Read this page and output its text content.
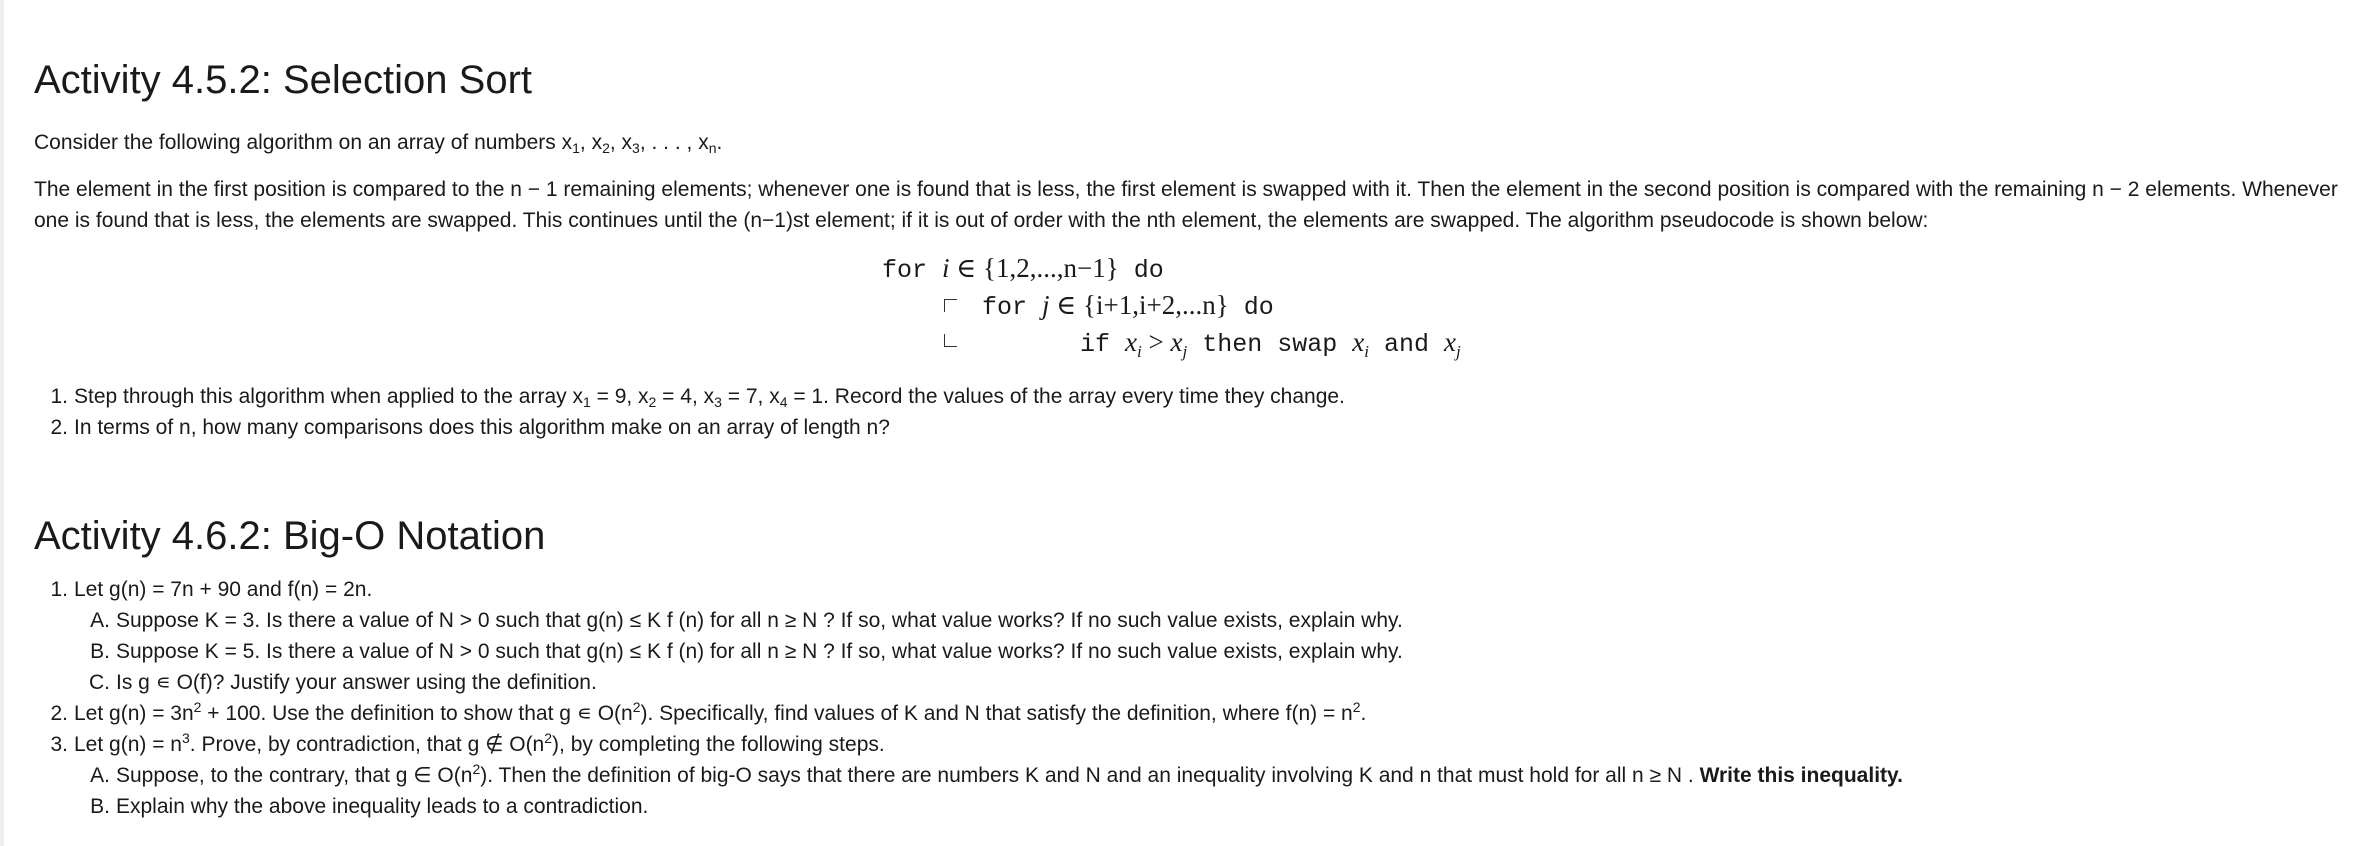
Activity 4.5.2: Selection Sort

Consider the following algorithm on an array of numbers $x_1$, $x_2$, $x_3$, . . . , $x_n$.

The element in the first position is compared to the n − 1 remaining elements; whenever one is found that is less, the first element is swapped with it. Then the element in the second position is compared with the remaining n − 2 elements. Whenever

one is found that is less, the elements are swapped. This continues until the (n−1)st element; if it is out of order with the nth element, the elements are swapped. The algorithm pseudocode is shown below:

for i ∈ {1,2,...,n−1} do
for j ∈ {i+1,i+2,...n} do
if $x_i > x_j$ then swap $x_i$ and $x_j$
1. Step through this algorithm when applied to the array $x_1 = 9$, $x_2 = 4$, $x_3 = 7$, $x_4 = 1$. Record the values of the array every time they change.
2. In terms of n, how many comparisons does this algorithm make on an array of length n?
Activity 4.6.2: Big-O Notation
1. Let g(n) = 7n + 90 and f(n) = 2n.
A. Suppose K = 3. Is there a value of N > 0 such that g(n) ≤ K f (n) for all n ≥ N ? If so, what value works? If no such value exists, explain why.
B. Suppose K = 5. Is there a value of N > 0 such that g(n) ≤ K f (n) for all n ≥ N ? If so, what value works? If no such value exists, explain why.
C. Is g ∊ O(f)? Justify your answer using the definition.
2. Let $g(n) = 3n^2 + 100$. Use the definition to show that g ∊ $O(n^2)$. Specifically, find values of K and N that satisfy the definition, where $f(n) = n^2$.
3. Let $g(n) = n^3$. Prove, by contradiction, that g ∉ $O(n^2)$, by completing the following steps.
A. Suppose, to the contrary, that g ∈ $O(n^2)$. Then the definition of big-O says that there are numbers K and N and an inequality involving K and n that must hold for all n ≥ N . Write this inequality.
B. Explain why the above inequality leads to a contradiction.
